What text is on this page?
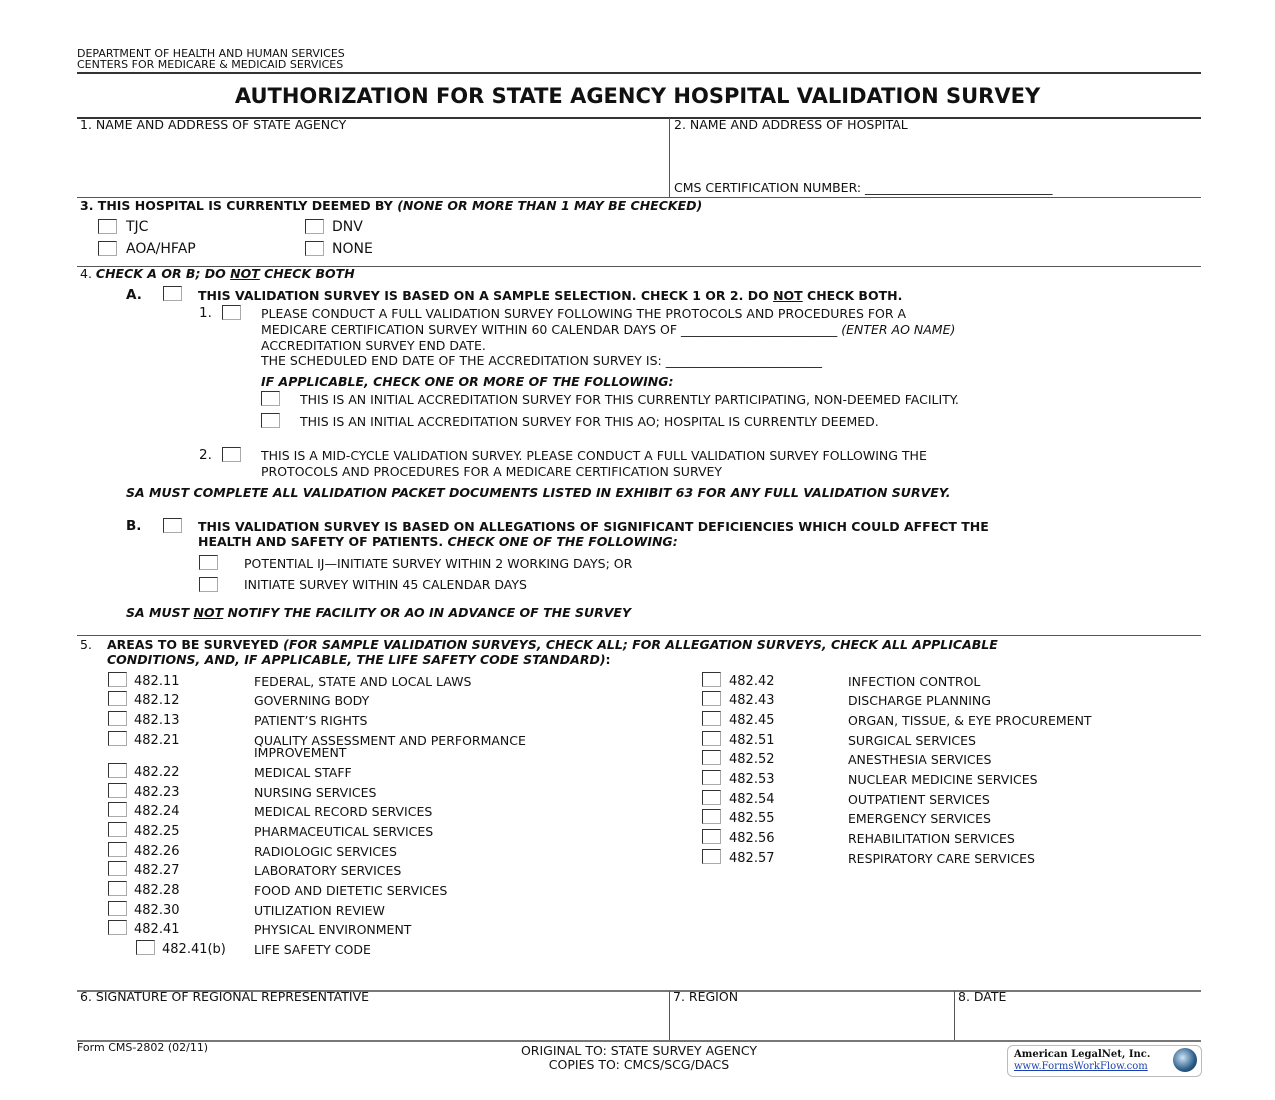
DEPARTMENT OF HEALTH AND HUMAN SERVICES
CENTERS FOR MEDICARE & MEDICAID SERVICES
AUTHORIZATION FOR STATE AGENCY HOSPITAL VALIDATION SURVEY
1. NAME AND ADDRESS OF STATE AGENCY	2. NAME AND ADDRESS OF HOSPITAL
CMS CERTIFICATION NUMBER: ______________________________
3. THIS HOSPITAL IS CURRENTLY DEEMED BY (NONE OR MORE THAN 1 MAY BE CHECKED)
TJC	DNV
AOA/HFAP	NONE
4. CHECK A OR B; DO NOT CHECK BOTH
A.	THIS VALIDATION SURVEY IS BASED ON A SAMPLE SELECTION. CHECK 1 OR 2. DO NOT CHECK BOTH.
1.	PLEASE CONDUCT A FULL VALIDATION SURVEY FOLLOWING THE PROTOCOLS AND PROCEDURES FOR A
MEDICARE CERTIFICATION SURVEY WITHIN 60 CALENDAR DAYS OF _________________________ (ENTER AO NAME)
ACCREDITATION SURVEY END DATE.
THE SCHEDULED END DATE OF THE ACCREDITATION SURVEY IS: _________________________
IF APPLICABLE, CHECK ONE OR MORE OF THE FOLLOWING:
THIS IS AN INITIAL ACCREDITATION SURVEY FOR THIS CURRENTLY PARTICIPATING, NON-DEEMED FACILITY.
THIS IS AN INITIAL ACCREDITATION SURVEY FOR THIS AO; HOSPITAL IS CURRENTLY DEEMED.
2.	THIS IS A MID-CYCLE VALIDATION SURVEY. PLEASE CONDUCT A FULL VALIDATION SURVEY FOLLOWING THE
PROTOCOLS AND PROCEDURES FOR A MEDICARE CERTIFICATION SURVEY
SA MUST COMPLETE ALL VALIDATION PACKET DOCUMENTS LISTED IN EXHIBIT 63 FOR ANY FULL VALIDATION SURVEY.
B.	THIS VALIDATION SURVEY IS BASED ON ALLEGATIONS OF SIGNIFICANT DEFICIENCIES WHICH COULD AFFECT THE
HEALTH AND SAFETY OF PATIENTS. CHECK ONE OF THE FOLLOWING:
POTENTIAL IJ—INITIATE SURVEY WITHIN 2 WORKING DAYS; OR
INITIATE SURVEY WITHIN 45 CALENDAR DAYS
SA MUST NOT NOTIFY THE FACILITY OR AO IN ADVANCE OF THE SURVEY
5. AREAS TO BE SURVEYED (FOR SAMPLE VALIDATION SURVEYS, CHECK ALL; FOR ALLEGATION SURVEYS, CHECK ALL APPLICABLE
CONDITIONS, AND, IF APPLICABLE, THE LIFE SAFETY CODE STANDARD):
482.11	FEDERAL, STATE AND LOCAL LAWS
482.12	GOVERNING BODY
482.13	PATIENT’S RIGHTS
482.21	QUALITY ASSESSMENT AND PERFORMANCE
IMPROVEMENT
482.22	MEDICAL STAFF
482.23	NURSING SERVICES
482.24	MEDICAL RECORD SERVICES
482.25	PHARMACEUTICAL SERVICES
482.26	RADIOLOGIC SERVICES
482.27	LABORATORY SERVICES
482.28	FOOD AND DIETETIC SERVICES
482.30	UTILIZATION REVIEW
482.41	PHYSICAL ENVIRONMENT
482.41(b) LIFE SAFETY CODE
482.42	INFECTION CONTROL
482.43	DISCHARGE PLANNING
482.45	ORGAN, TISSUE, & EYE PROCUREMENT
482.51	SURGICAL SERVICES
482.52	ANESTHESIA SERVICES
482.53	NUCLEAR MEDICINE SERVICES
482.54	OUTPATIENT SERVICES
482.55	EMERGENCY SERVICES
482.56	REHABILITATION SERVICES
482.57	RESPIRATORY CARE SERVICES
6. SIGNATURE OF REGIONAL REPRESENTATIVE	7. REGION	8. DATE
Form CMS-2802 (02/11)	ORIGINAL TO: STATE SURVEY AGENCY
COPIES TO: CMCS/SCG/DACS
American LegalNet, Inc.
www.FormsWorkFlow.com
